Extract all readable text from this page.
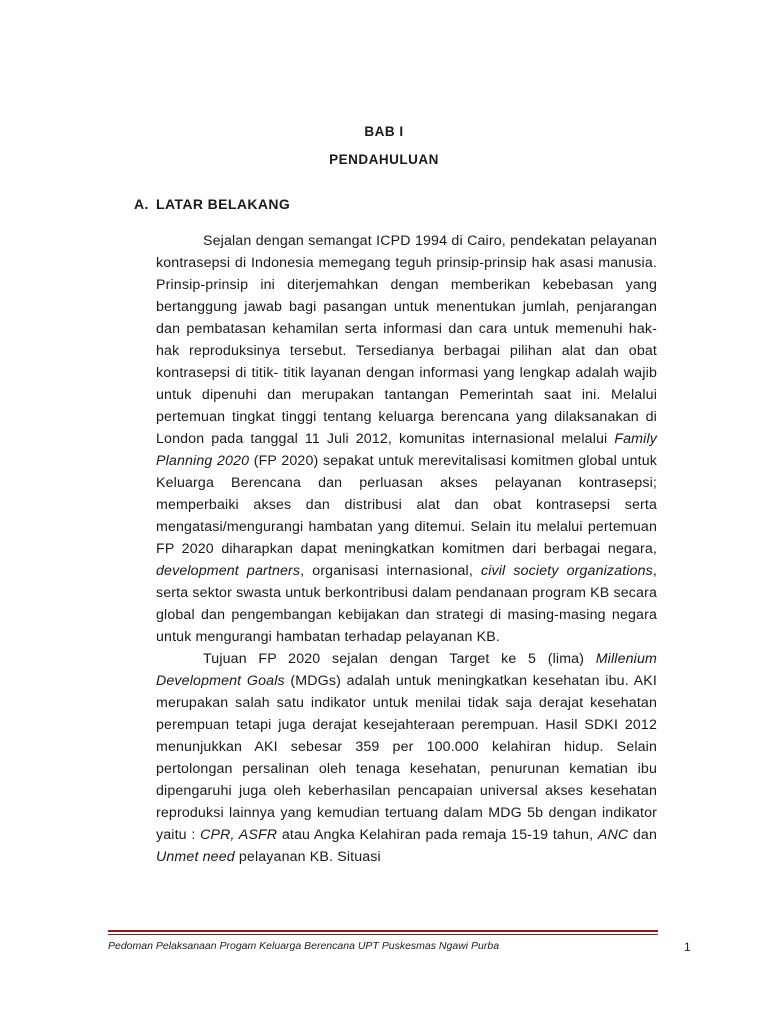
BAB I
PENDAHULUAN
A. LATAR BELAKANG

Sejalan dengan semangat ICPD 1994 di Cairo, pendekatan pelayanan kontrasepsi di Indonesia memegang teguh prinsip-prinsip hak asasi manusia. Prinsip-prinsip ini diterjemahkan dengan memberikan kebebasan yang bertanggung jawab bagi pasangan untuk menentukan jumlah, penjarangan dan pembatasan kehamilan serta informasi dan cara untuk memenuhi hak-hak reproduksinya tersebut. Tersedianya berbagai pilihan alat dan obat kontrasepsi di titik- titik layanan dengan informasi yang lengkap adalah wajib untuk dipenuhi dan merupakan tantangan Pemerintah saat ini. Melalui pertemuan tingkat tinggi tentang keluarga berencana yang dilaksanakan di London pada tanggal 11 Juli 2012, komunitas internasional melalui Family Planning 2020 (FP 2020) sepakat untuk merevitalisasi komitmen global untuk Keluarga Berencana dan perluasan akses pelayanan kontrasepsi; memperbaiki akses dan distribusi alat dan obat kontrasepsi serta mengatasi/mengurangi hambatan yang ditemui. Selain itu melalui pertemuan FP 2020 diharapkan dapat meningkatkan komitmen dari berbagai negara, development partners, organisasi internasional, civil society organizations, serta sektor swasta untuk berkontribusi dalam pendanaan program KB secara global dan pengembangan kebijakan dan strategi di masing-masing negara untuk mengurangi hambatan terhadap pelayanan KB.

Tujuan FP 2020 sejalan dengan Target ke 5 (lima) Millenium Development Goals (MDGs) adalah untuk meningkatkan kesehatan ibu. AKI merupakan salah satu indikator untuk menilai tidak saja derajat kesehatan perempuan tetapi juga derajat kesejahteraan perempuan. Hasil SDKI 2012 menunjukkan AKI sebesar 359 per 100.000 kelahiran hidup. Selain pertolongan persalinan oleh tenaga kesehatan, penurunan kematian ibu dipengaruhi juga oleh keberhasilan pencapaian universal akses kesehatan reproduksi lainnya yang kemudian tertuang dalam MDG 5b dengan indikator yaitu : CPR, ASFR atau Angka Kelahiran pada remaja 15-19 tahun, ANC dan Unmet need pelayanan KB. Situasi

Pedoman Pelaksanaan Progam Keluarga Berencana UPT Puskesmas Ngawi Purba	1
